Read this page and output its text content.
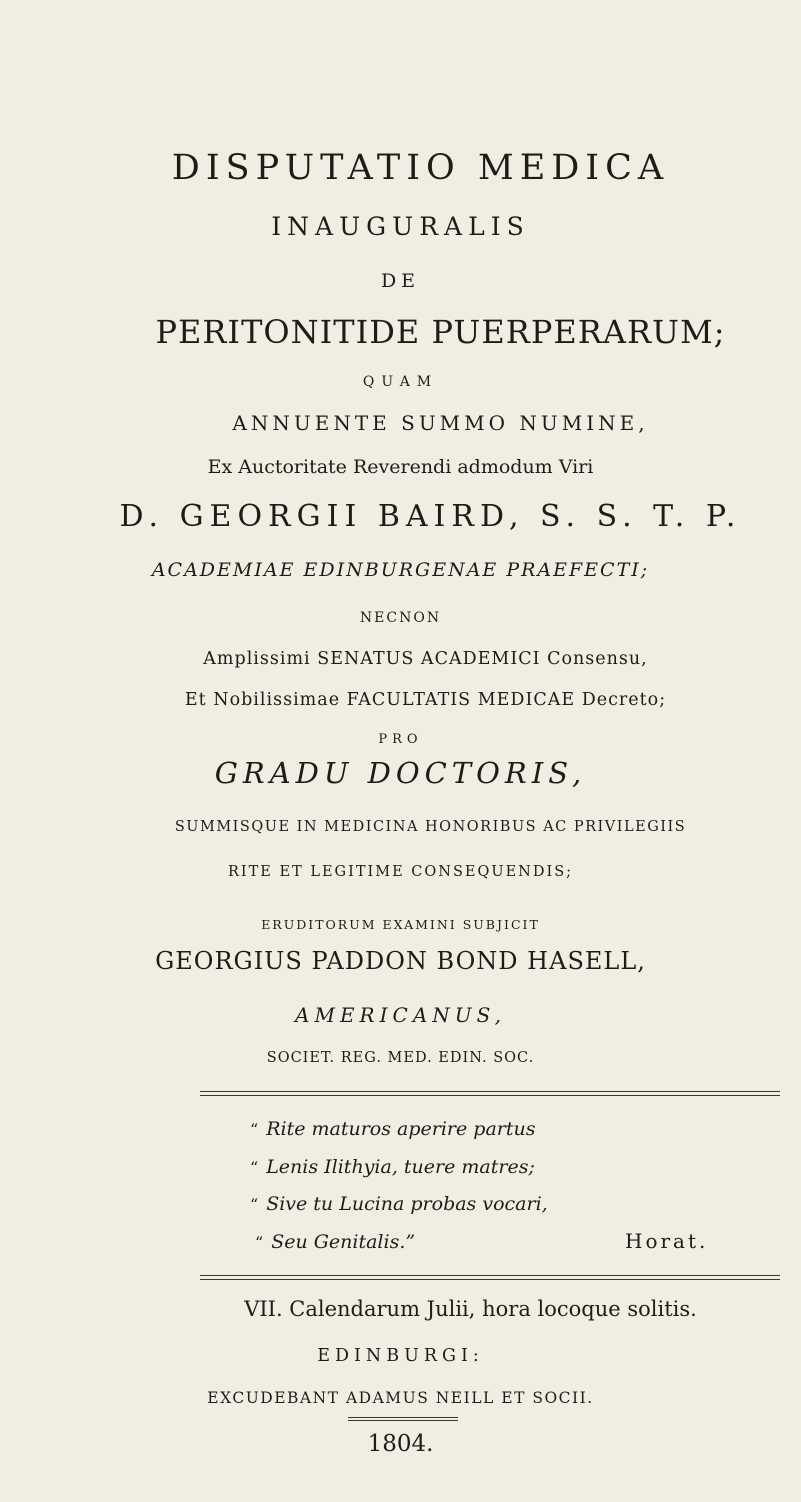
DISPUTATIO MEDICA
INAUGURALIS
DE
PERITONITIDE PUERPERARUM;
QUAM
ANNUENTE SUMMO NUMINE,
Ex Auctoritate Reverendi admodum Viri
D. GEORGII BAIRD, S. S. T. P.
ACADEMIAE EDINBURGENAE PRAEFECTI;
NECNON
Amplissimi SENATUS ACADEMICI Consensu,
Et Nobilissimae FACULTATIS MEDICAE Decreto;
PRO
GRADU DOCTORIS,
SUMMISQUE IN MEDICINA HONORIBUS AC PRIVILEGIIS
RITE ET LEGITIME CONSEQUENDIS;
ERUDITORUM EXAMINI SUBJICIT
GEORGIUS PADDON BOND HASELL,
AMERICANUS,
SOCIET. REG. MED. EDIN. SOC.
“ Rite maturos aperire partus
“ Lenis Ilithyia, tuere matres;
“ Sive tu Lucina probas vocari,
“ Seu Genitalis.”	Horat.
VII. Calendarum Julii, hora locoque solitis.
EDINBURGI:
EXCUDEBANT ADAMUS NEILL ET SOCII.
1804.
